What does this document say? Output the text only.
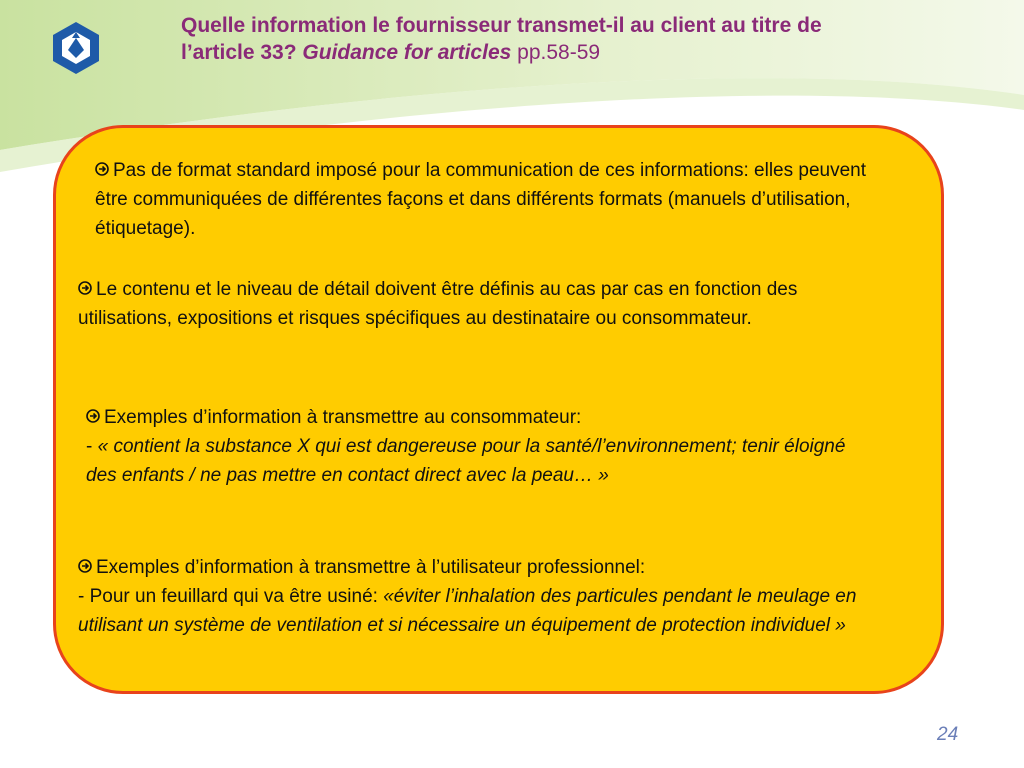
Quelle information le fournisseur transmet-il au client au titre de
l’article 33? Guidance for articles pp.58-59
Pas de format standard imposé pour la communication de ces informations: elles peuvent être communiquées de différentes façons et dans différents formats (manuels d’utilisation, étiquetage).
Le contenu et le niveau de détail doivent être définis au cas par cas en fonction des utilisations, expositions et risques spécifiques au destinataire ou consommateur.
Exemples d’information à transmettre au consommateur:
- « contient la substance X qui est dangereuse pour la santé/l’environnement; tenir éloigné des enfants / ne pas mettre en contact direct avec la peau… »
Exemples d’information à transmettre à l’utilisateur professionnel:
- Pour un feuillard qui va être usiné: «éviter l’inhalation des particules pendant le meulage en utilisant un système de ventilation et si nécessaire un équipement de protection individuel »
24
